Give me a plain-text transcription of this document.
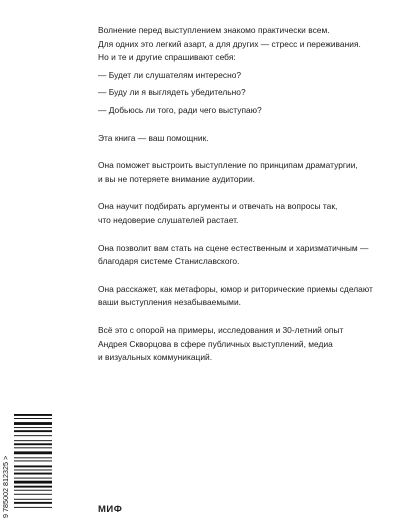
Волнение перед выступлением знакомо практически всем.
Для одних это легкий азарт, а для других — стресс и переживания.
Но и те и другие спрашивают себя:

— Будет ли слушателям интересно?

— Буду ли я выглядеть убедительно?

— Добьюсь ли того, ради чего выступаю?

Эта книга — ваш помощник.

Она поможет выстроить выступление по принципам драматургии,
и вы не потеряете внимание аудитории.

Она научит подбирать аргументы и отвечать на вопросы так,
что недоверие слушателей растает.

Она позволит вам стать на сцене естественным и харизматичным —
благодаря системе Станиславского.

Она расскажет, как метафоры, юмор и риторические приемы сделают
ваши выступления незабываемыми.

Всё это с опорой на примеры, исследования и 30-летний опыт
Андрея Скворцова в сфере публичных выступлений, медиа
и визуальных коммуникаций.

9 785002 812325 >	МИФ
